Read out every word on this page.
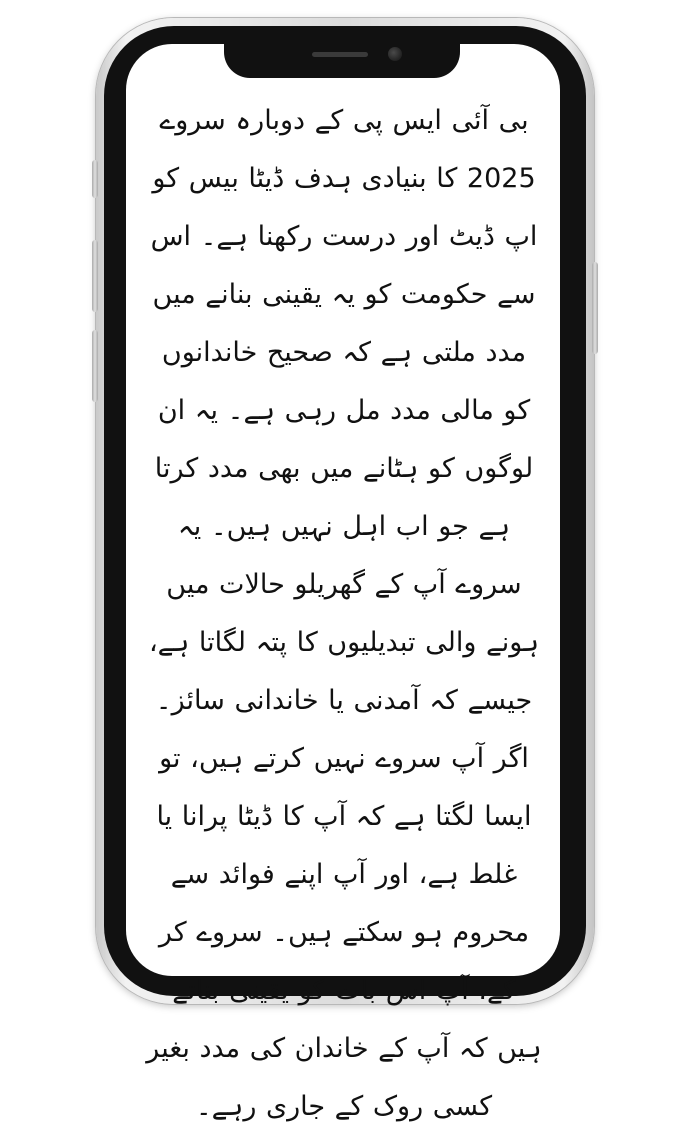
بی آئی ایس پی کے دوبارہ سروے 2025 کا بنیادی ہدف ڈیٹا بیس کو اپ ڈیٹ اور درست رکھنا ہے۔ اس سے حکومت کو یہ یقینی بنانے میں مدد ملتی ہے کہ صحیح خاندانوں کو مالی مدد مل رہی ہے۔ یہ ان لوگوں کو ہٹانے میں بھی مدد کرتا ہے جو اب اہل نہیں ہیں۔ یہ سروے آپ کے گھریلو حالات میں ہونے والی تبدیلیوں کا پتہ لگاتا ہے، جیسے کہ آمدنی یا خاندانی سائز۔ اگر آپ سروے نہیں کرتے ہیں، تو ایسا لگتا ہے کہ آپ کا ڈیٹا پرانا یا غلط ہے، اور آپ اپنے فوائد سے محروم ہو سکتے ہیں۔ سروے کر کے، آپ اس بات کو یقینی بناتے ہیں کہ آپ کے خاندان کی مدد بغیر کسی روک کے جاری رہے۔
